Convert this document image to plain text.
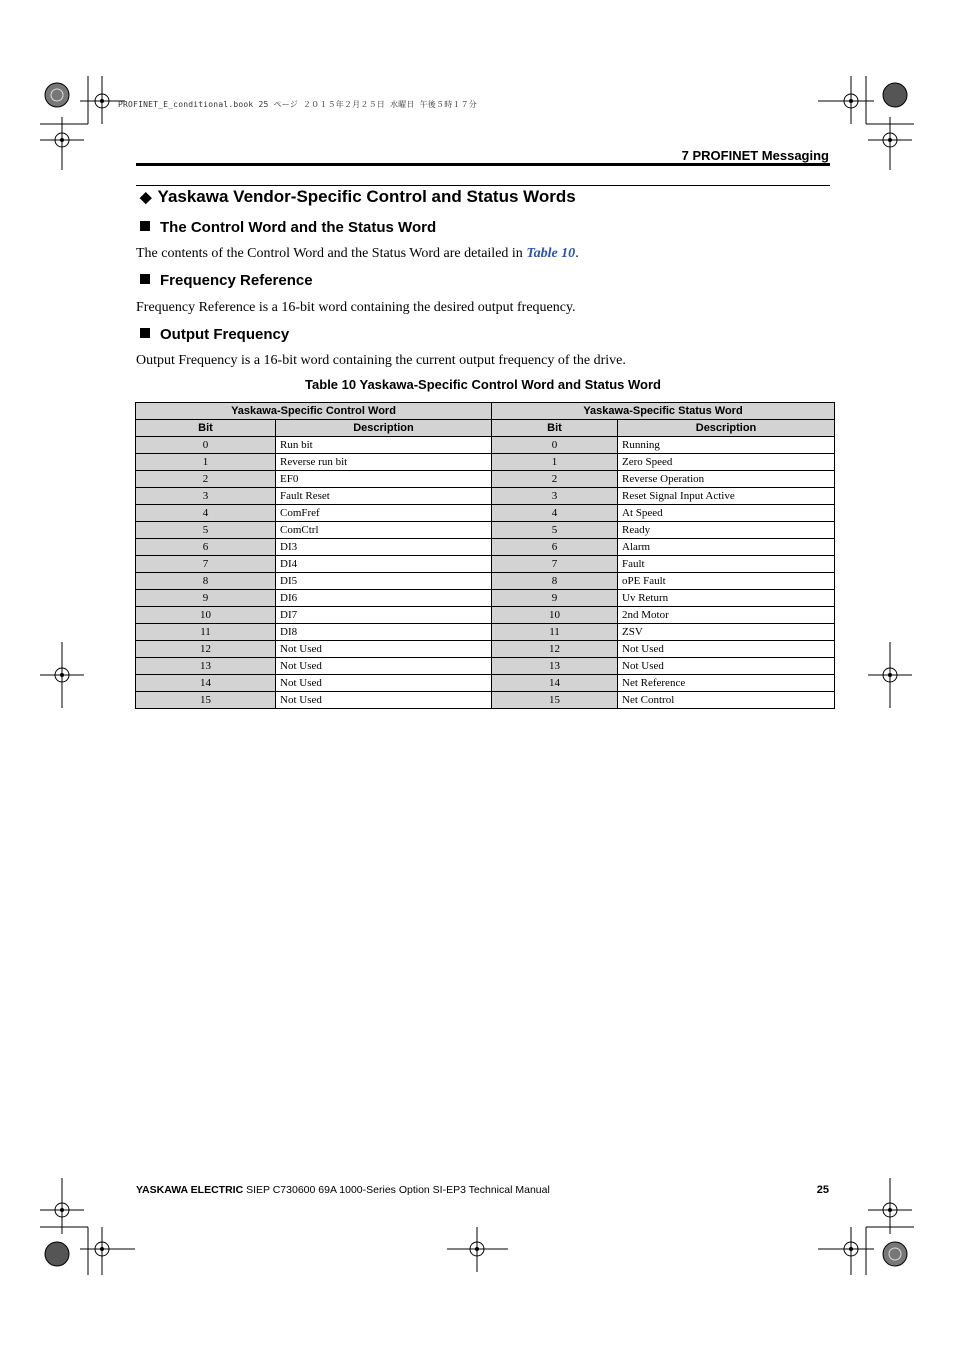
PROFINET_E_conditional.book 25 ページ ２０１５年２月２５日 水曜日 午後５時１７分
7 PROFINET Messaging
◆ Yaskawa Vendor-Specific Control and Status Words
The Control Word and the Status Word
The contents of the Control Word and the Status Word are detailed in Table 10.
Frequency Reference
Frequency Reference is a 16-bit word containing the desired output frequency.
Output Frequency
Output Frequency is a 16-bit word containing the current output frequency of the drive.
Table 10 Yaskawa-Specific Control Word and Status Word
Yaskawa-Specific Control Word		Yaskawa-Specific Status Word	
Bit	Description	Bit	Description
0	Run bit	0	Running
1	Reverse run bit	1	Zero Speed
2	EF0	2	Reverse Operation
3	Fault Reset	3	Reset Signal Input Active
4	ComFref	4	At Speed
5	ComCtrl	5	Ready
6	DI3	6	Alarm
7	DI4	7	Fault
8	DI5	8	oPE Fault
9	DI6	9	Uv Return
10	DI7	10	2nd Motor
11	DI8	11	ZSV
12	Not Used	12	Not Used
13	Not Used	13	Not Used
14	Not Used	14	Net Reference
15	Not Used	15	Net Control
YASKAWA ELECTRIC SIEP C730600 69A 1000-Series Option SI-EP3 Technical Manual	25
